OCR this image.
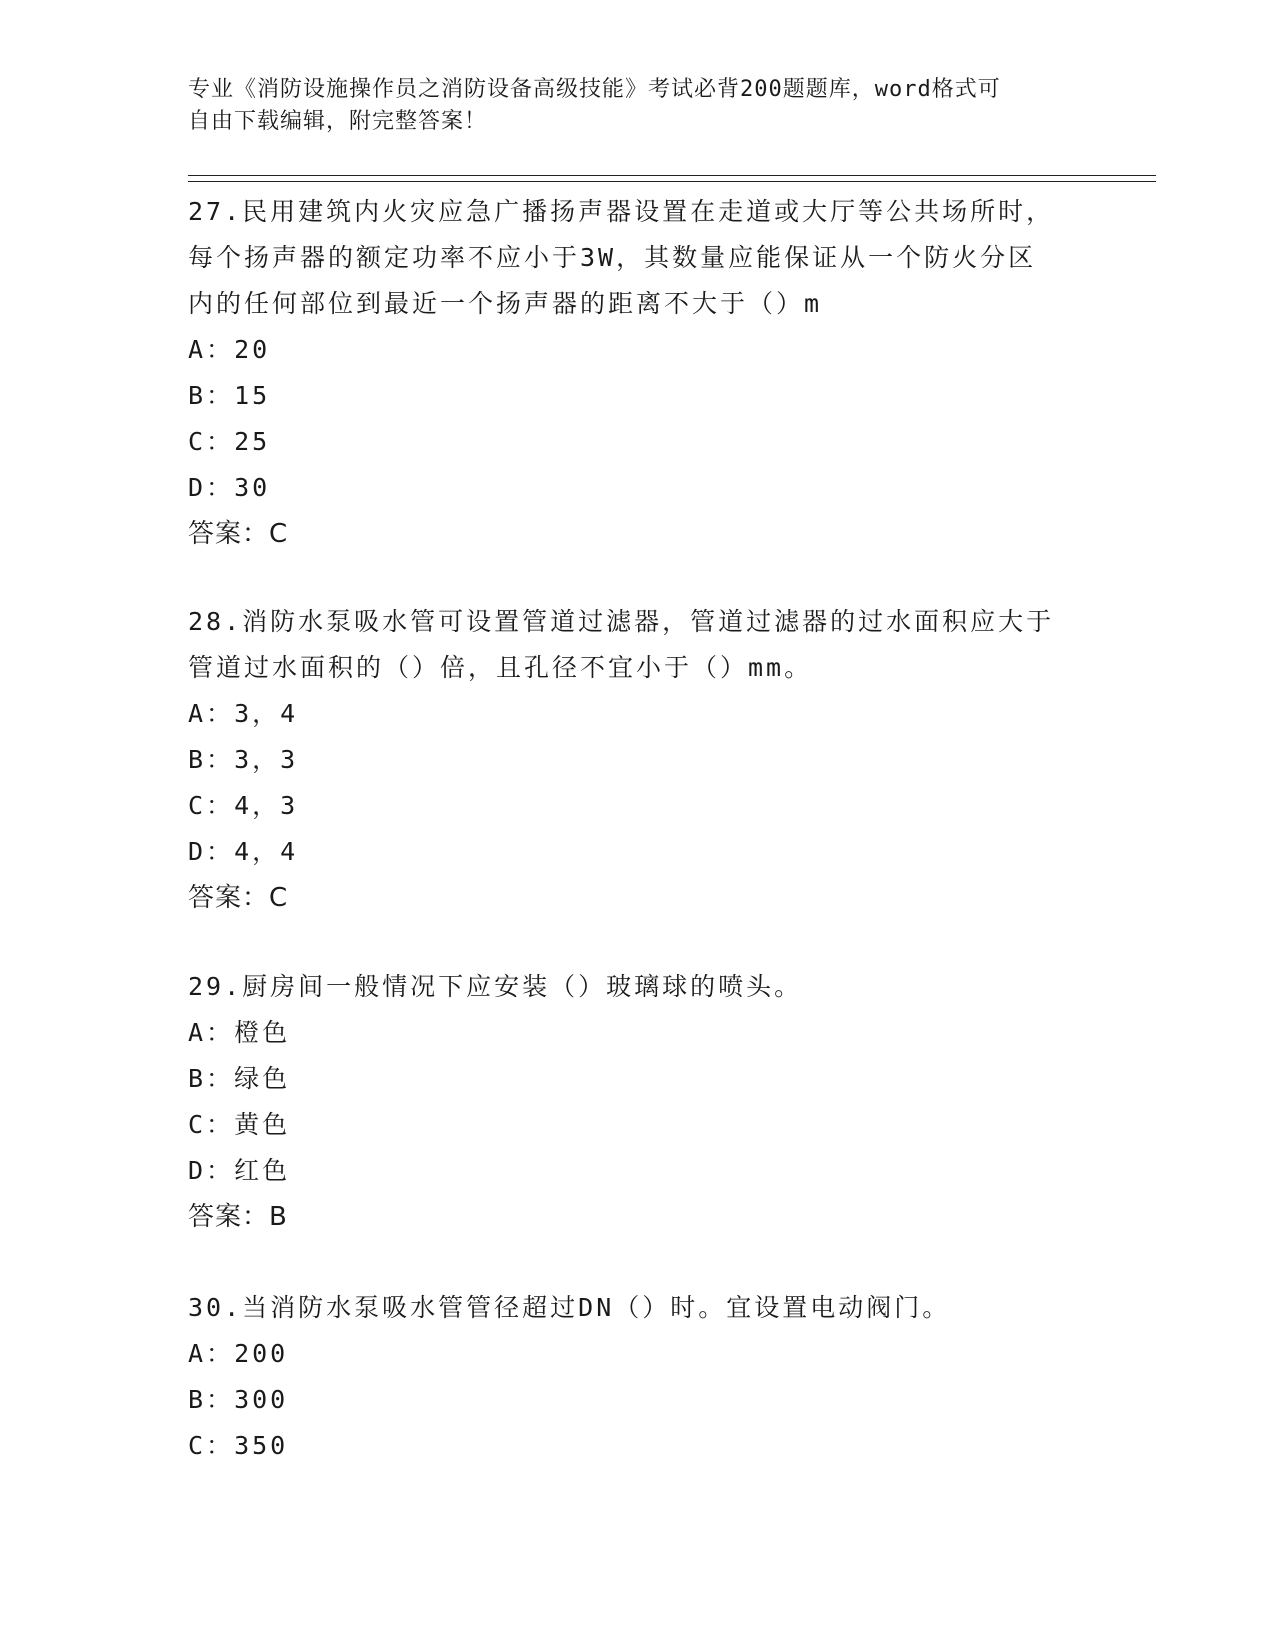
专业《消防设施操作员之消防设备高级技能》考试必背200题题库，word格式可
自由下载编辑，附完整答案！

27.民用建筑内火灾应急广播扬声器设置在走道或大厅等公共场所时，

每个扬声器的额定功率不应小于3W，其数量应能保证从一个防火分区

内的任何部位到最近一个扬声器的距离不大于（）m

A：20

B：15

C：25

D：30

答案：C

28.消防水泵吸水管可设置管道过滤器，管道过滤器的过水面积应大于

管道过水面积的（）倍，且孔径不宜小于（）mm。

A：3，4

B：3，3

C：4，3

D：4，4

答案：C

29.厨房间一般情况下应安装（）玻璃球的喷头。

A：橙色

B：绿色

C：黄色

D：红色

答案：B

30.当消防水泵吸水管管径超过DN（）时。宜设置电动阀门。

A：200

B：300

C：350
